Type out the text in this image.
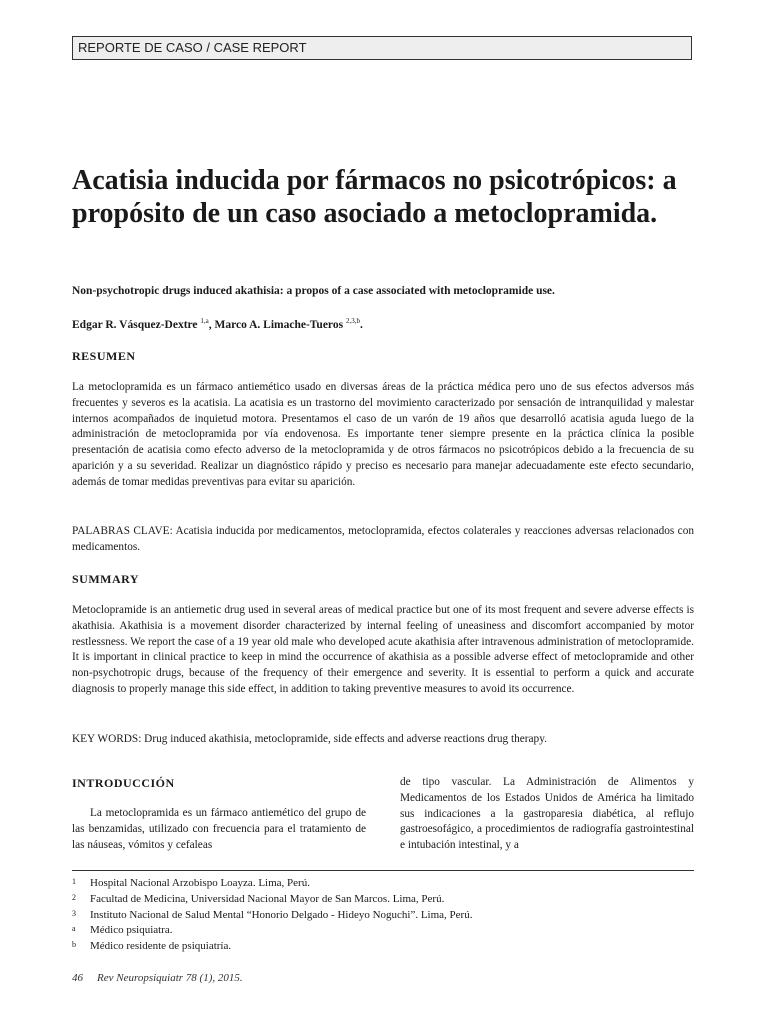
REPORTE DE CASO / CASE REPORT
Acatisia inducida por fármacos no psicotrópicos: a propósito de un caso asociado a metoclopramida.
Non-psychotropic drugs induced akathisia: a propos of a case associated with metoclopramide use.
Edgar R. Vásquez-Dextre $^{1,a}$, Marco A. Limache-Tueros $^{2,3,b}$.
RESUMEN

La metoclopramida es un fármaco antiemético usado en diversas áreas de la práctica médica pero uno de sus efectos adversos más frecuentes y severos es la acatisia. La acatisia es un trastorno del movimiento caracterizado por sensación de intranquilidad y malestar internos acompañados de inquietud motora. Presentamos el caso de un varón de 19 años que desarrolló acatisia aguda luego de la administración de metoclopramida por vía endovenosa. Es importante tener siempre presente en la práctica clínica la posible presentación de acatisia como efecto adverso de la metoclopramida y de otros fármacos no psicotrópicos debido a la frecuencia de su aparición y a su severidad. Realizar un diagnóstico rápido y preciso es necesario para manejar adecuadamente este efecto secundario, además de tomar medidas preventivas para evitar su aparición.

PALABRAS CLAVE: Acatisia inducida por medicamentos, metoclopramida, efectos colaterales y reacciones adversas relacionados con medicamentos.

SUMMARY

Metoclopramide is an antiemetic drug used in several areas of medical practice but one of its most frequent and severe adverse effects is akathisia. Akathisia is a movement disorder characterized by internal feeling of uneasiness and discomfort accompanied by motor restlessness. We report the case of a 19 year old male who developed acute akathisia after intravenous administration of metoclopramide. It is important in clinical practice to keep in mind the occurrence of akathisia as a possible adverse effect of metoclopramide and other non-psychotropic drugs, because of the frequency of their emergence and severity. It is essential to perform a quick and accurate diagnosis to properly manage this side effect, in addition to taking preventive measures to avoid its occurrence.

KEY WORDS: Drug induced akathisia, metoclopramide, side effects and adverse reactions drug therapy.

INTRODUCCIÓN

La metoclopramida es un fármaco antiemético del grupo de las benzamidas, utilizado con frecuencia para el tratamiento de las náuseas, vómitos y cefaleas

de tipo vascular. La Administración de Alimentos y Medicamentos de los Estados Unidos de América ha limitado sus indicaciones a la gastroparesia diabética, al reflujo gastroesofágico, a procedimientos de radiografía gastrointestinal e intubación intestinal, y a

1	Hospital Nacional Arzobispo Loayza. Lima, Perú.
2	Facultad de Medicina, Universidad Nacional Mayor de San Marcos. Lima, Perú.
3	Instituto Nacional de Salud Mental “Honorio Delgado - Hideyo Noguchi”. Lima, Perú.
a	Médico psiquiatra.
b	Médico residente de psiquiatría.
46 Rev Neuropsiquiatr 78 (1), 2015.
